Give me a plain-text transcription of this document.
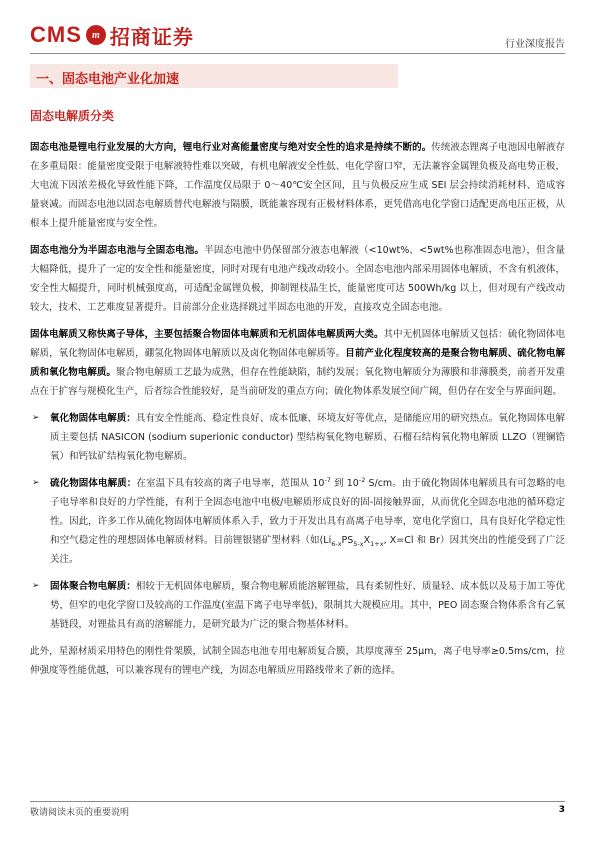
CMS	m 招商证券	行业深度报告
一、固态电池产业化加速
固态电解质分类

固态电池是锂电行业发展的大方向，锂电行业对高能量密度与绝对安全性的追求是持续不断的。传统液态锂离子电池因电解液存在多重局限：能量密度受限于电解液特性难以突破，有机电解液安全性低、电化学窗口窄，无法兼容金属锂负极及高电势正极，大电流下因浓差极化导致性能下降，工作温度仅局限于 0～40℃安全区间，且与负极反应生成 SEI 层会持续消耗材料、造成容量衰减。而固态电池以固态电解质替代电解液与隔膜，既能兼容现有正极材料体系，更凭借高电化学窗口适配更高电压正极，从根本上提升能量密度与安全性。

固态电池分为半固态电池与全固态电池。半固态电池中仍保留部分液态电解液（<10wt%、<5wt%也称准固态电池），但含量大幅降低，提升了一定的安全性和能量密度，同时对现有电池产线改动较小。全固态电池内部采用固体电解质，不含有机液体，安全性大幅提升，同时机械强度高，可适配金属锂负极，抑制锂枝晶生长，能量密度可达 500Wh/kg 以上，但对现有产线改动较大，技术、工艺难度显著提升。目前部分企业选择跳过半固态电池的开发，直接攻克全固态电池。

固体电解质又称快离子导体，主要包括聚合物固体电解质和无机固体电解质两大类。其中无机固体电解质又包括：硫化物固体电解质，氧化物固体电解质，硼氢化物固体电解质以及卤化物固体电解质等。目前产业化程度较高的是聚合物电解质、硫化物电解质和氧化物电解质。聚合物电解质工艺最为成熟，但存在性能缺陷，制约发展；氧化物电解质分为薄膜和非薄膜类，前者开发重点在于扩容与规模化生产，后者综合性能较好，是当前研发的重点方向；硫化物体系发展空间广阔，但仍存在安全与界面问题。

➢ 氧化物固体电解质：具有安全性能高、稳定性良好、成本低廉、环境友好等优点，是储能应用的研究热点。氧化物固体电解质主要包括 NASICON (sodium superionic conductor) 型结构氧化物电解质、石榴石结构氧化物电解质 LLZO（锂镧锆氧）和钙钛矿结构氧化物电解质。
➢ 硫化物固体电解质：在室温下具有较高的离子电导率，范围从 $10^{-7}$ 到 $10^{-2}$ S/cm。由于硫化物固体电解质具有可忽略的电子电导率和良好的力学性能，有利于全固态电池中电极/电解质形成良好的固-固接触界面，从而优化全固态电池的循环稳定性。因此，许多工作从硫化物固体电解质体系入手，致力于开发出具有高离子电导率，宽电化学窗口，具有良好化学稳定性和空气稳定性的理想固体电解质材料。目前锂银锗矿型材料（如($Li_{6-x}PS_{5-x}X_{1+x}$, X=Cl 和 Br）因其突出的性能受到了广泛关注。
➢ 固体聚合物电解质：相较于无机固体电解质，聚合物电解质能溶解锂盐，具有柔韧性好、质量轻、成本低以及易于加工等优势，但窄的电化学窗口及较高的工作温度(室温下离子电导率低)，限制其大规模应用。其中，PEO 固态聚合物体系含有乙氧基链段，对锂盐具有高的溶解能力，是研究最为广泛的聚合物基体材料。

此外，星源材质采用特色的刚性骨架膜，试制全固态电池专用电解质复合膜，其厚度薄至 25μm，离子电导率≥0.5ms/cm，拉伸强度等性能优越，可以兼容现有的锂电产线，为固态电解质应用路线带来了新的选择。

敬请阅读末页的重要说明	3
